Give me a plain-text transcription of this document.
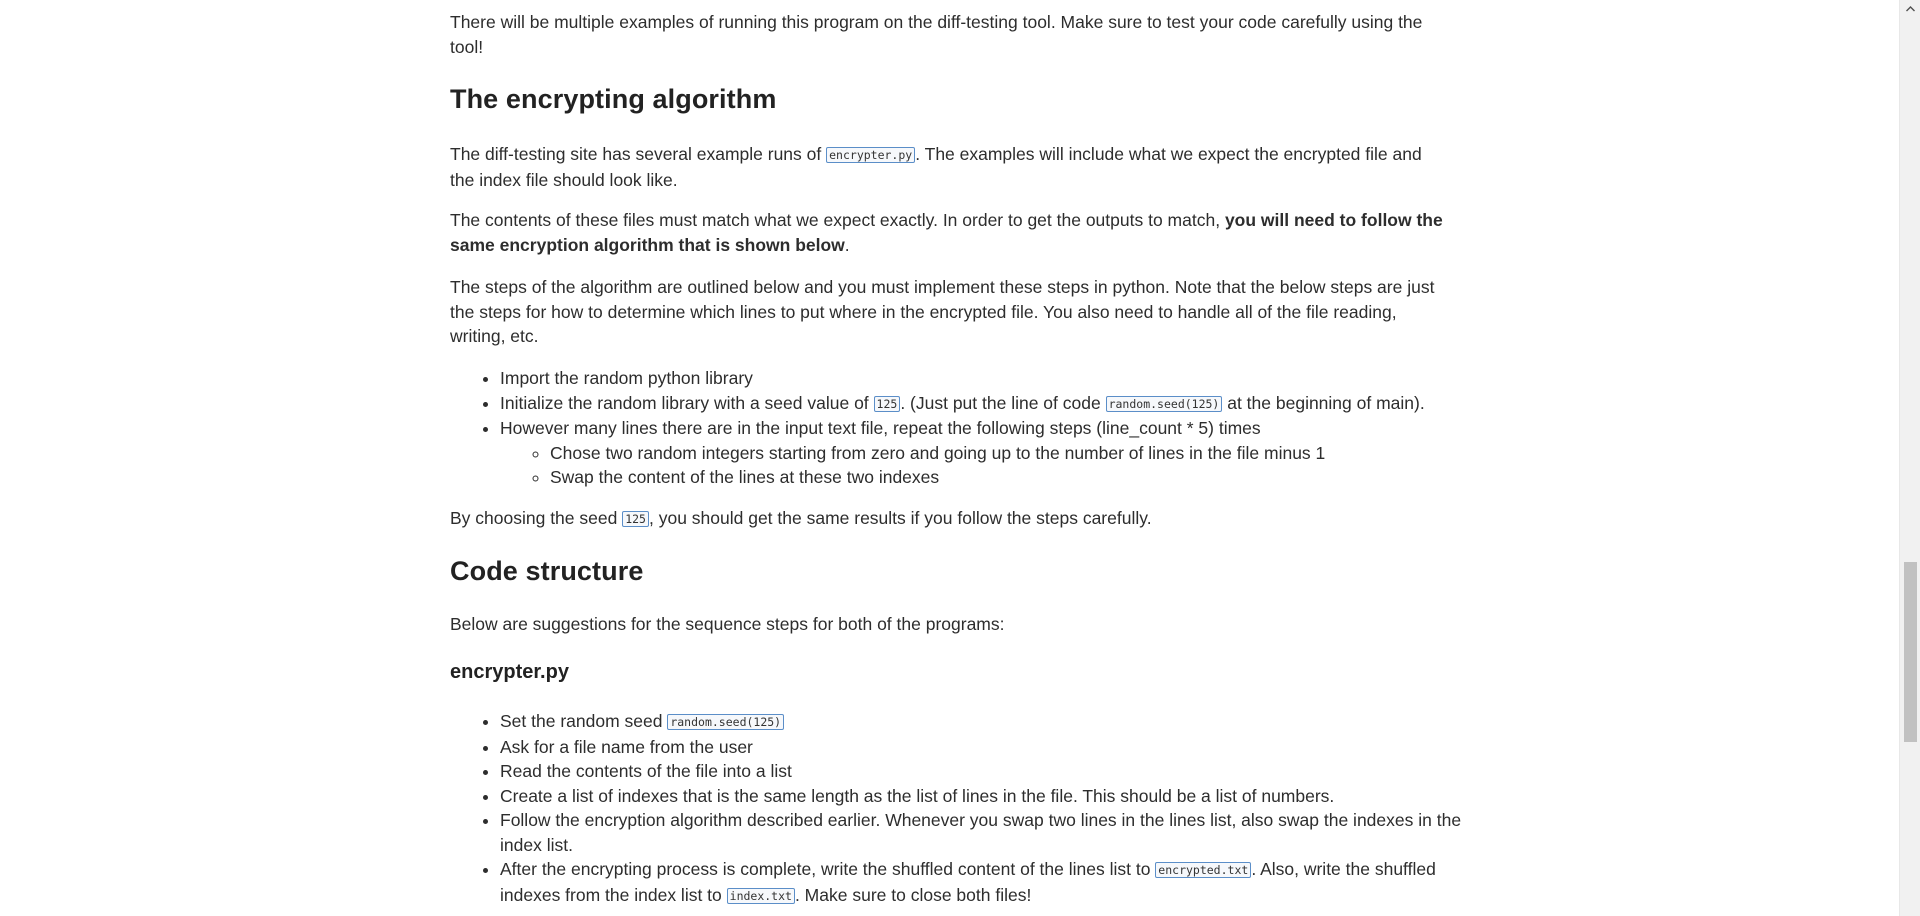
There will be multiple examples of running this program on the diff-testing tool. Make sure to test your code carefully using the tool!

The encrypting algorithm

The diff-testing site has several example runs of encrypter.py . The examples will include what we expect the encrypted file and the index file should look like.

The contents of these files must match what we expect exactly. In order to get the outputs to match, you will need to follow the same encryption algorithm that is shown below.

The steps of the algorithm are outlined below and you must implement these steps in python. Note that the below steps are just the steps for how to determine which lines to put where in the encrypted file. You also need to handle all of the file reading, writing, etc.

• Import the random python library
• Initialize the random library with a seed value of 125 . (Just put the line of code random.seed(125) at the beginning of main).
• However many lines there are in the input text file, repeat the following steps (line_count * 5) times
◦ Chose two random integers starting from zero and going up to the number of lines in the file minus 1
◦ Swap the content of the lines at these two indexes

By choosing the seed 125 , you should get the same results if you follow the steps carefully.

Code structure

Below are suggestions for the sequence steps for both of the programs:

encrypter.py
• Set the random seed random.seed(125)
• Ask for a file name from the user
• Read the contents of the file into a list
• Create a list of indexes that is the same length as the list of lines in the file. This should be a list of numbers.
• Follow the encryption algorithm described earlier. Whenever you swap two lines in the lines list, also swap the indexes in the index list.
• After the encrypting process is complete, write the shuffled content of the lines list to encrypted.txt . Also, write the shuffled indexes from the index list to index.txt . Make sure to close both files!
